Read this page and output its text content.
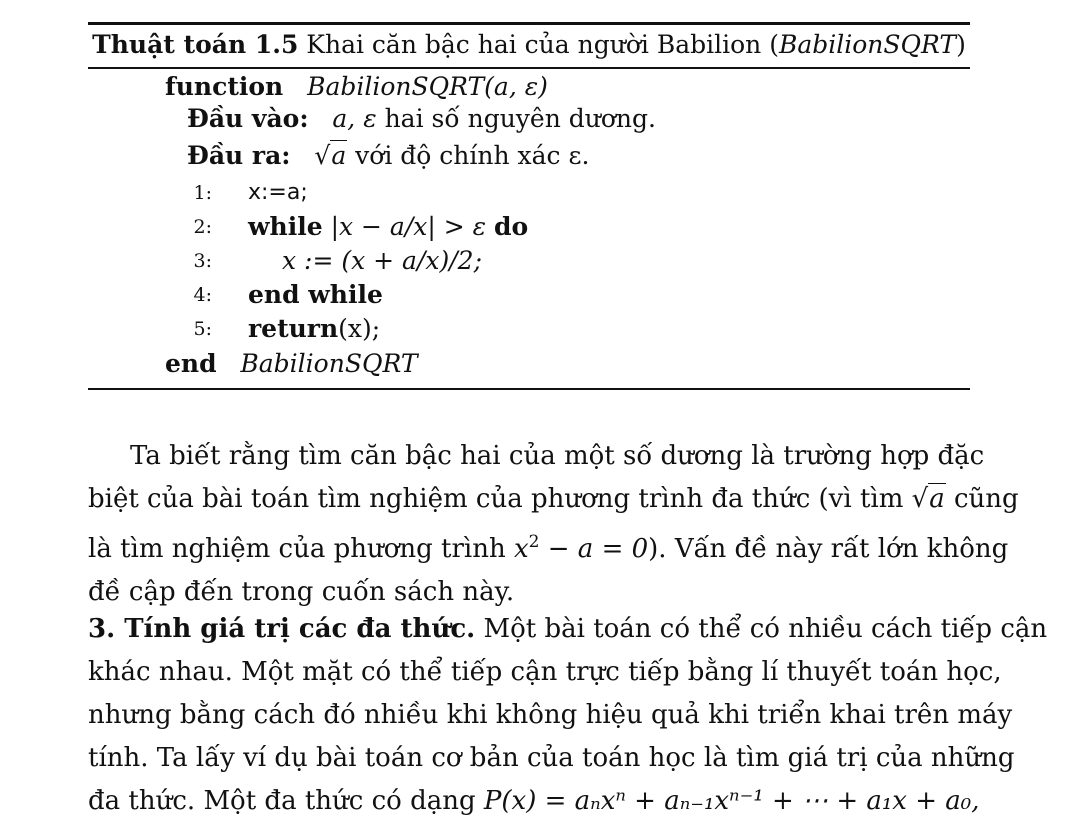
Thuật toán 1.5 Khai căn bậc hai của người Babilion (BabilionSQRT)
function BabilionSQRT(a, ε)
Đầu vào: a, ε hai số nguyên dương.
Đầu ra: √a với độ chính xác ε.
1: x:=a;
2: while |x − a/x| > ε do
3:	x := (x + a/x)/2;
4: end while
5: return(x);
end BabilionSQRT
Ta biết rằng tìm căn bậc hai của một số dương là trường hợp đặc
biệt của bài toán tìm nghiệm của phương trình đa thức (vì tìm √a cũng
là tìm nghiệm của phương trình $x^2 - a = 0$). Vấn đề này rất lớn không
đề cập đến trong cuốn sách này.
3. Tính giá trị các đa thức. Một bài toán có thể có nhiều cách tiếp cận
khác nhau. Một mặt có thể tiếp cận trực tiếp bằng lí thuyết toán học,
nhưng bằng cách đó nhiều khi không hiệu quả khi triển khai trên máy
tính. Ta lấy ví dụ bài toán cơ bản của toán học là tìm giá trị của những
đa thức. Một đa thức có dạng P(x) = aₙxⁿ + aₙ₋₁xⁿ⁻¹ + ⋯ + a₁x + a₀,
